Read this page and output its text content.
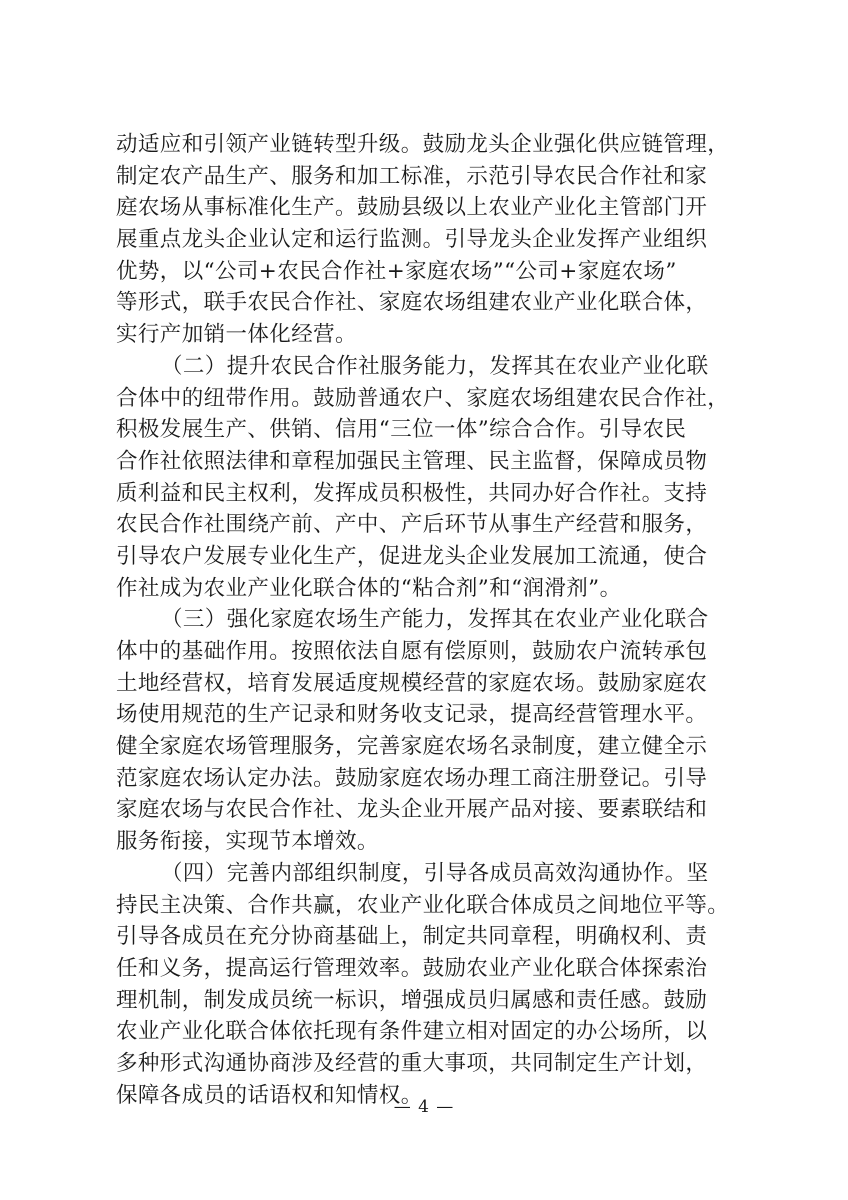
动适应和引领产业链转型升级。鼓励龙头企业强化供应链管理，
制定农产品生产、服务和加工标准，示范引导农民合作社和家
庭农场从事标准化生产。鼓励县级以上农业产业化主管部门开
展重点龙头企业认定和运行监测。引导龙头企业发挥产业组织
优势，以“公司+农民合作社+家庭农场”“公司+家庭农场”
等形式，联手农民合作社、家庭农场组建农业产业化联合体，
实行产加销一体化经营。
（二）提升农民合作社服务能力，发挥其在农业产业化联
合体中的纽带作用。鼓励普通农户、家庭农场组建农民合作社，
积极发展生产、供销、信用“三位一体”综合合作。引导农民
合作社依照法律和章程加强民主管理、民主监督，保障成员物
质利益和民主权利，发挥成员积极性，共同办好合作社。支持
农民合作社围绕产前、产中、产后环节从事生产经营和服务，
引导农户发展专业化生产，促进龙头企业发展加工流通，使合
作社成为农业产业化联合体的“粘合剂”和“润滑剂”。
（三）强化家庭农场生产能力，发挥其在农业产业化联合
体中的基础作用。按照依法自愿有偿原则，鼓励农户流转承包
土地经营权，培育发展适度规模经营的家庭农场。鼓励家庭农
场使用规范的生产记录和财务收支记录，提高经营管理水平。
健全家庭农场管理服务，完善家庭农场名录制度，建立健全示
范家庭农场认定办法。鼓励家庭农场办理工商注册登记。引导
家庭农场与农民合作社、龙头企业开展产品对接、要素联结和
服务衔接，实现节本增效。
（四）完善内部组织制度，引导各成员高效沟通协作。坚
持民主决策、合作共赢，农业产业化联合体成员之间地位平等。
引导各成员在充分协商基础上，制定共同章程，明确权利、责
任和义务，提高运行管理效率。鼓励农业产业化联合体探索治
理机制，制发成员统一标识，增强成员归属感和责任感。鼓励
农业产业化联合体依托现有条件建立相对固定的办公场所，以
多种形式沟通协商涉及经营的重大事项，共同制定生产计划，
保障各成员的话语权和知情权。
— 4 —
